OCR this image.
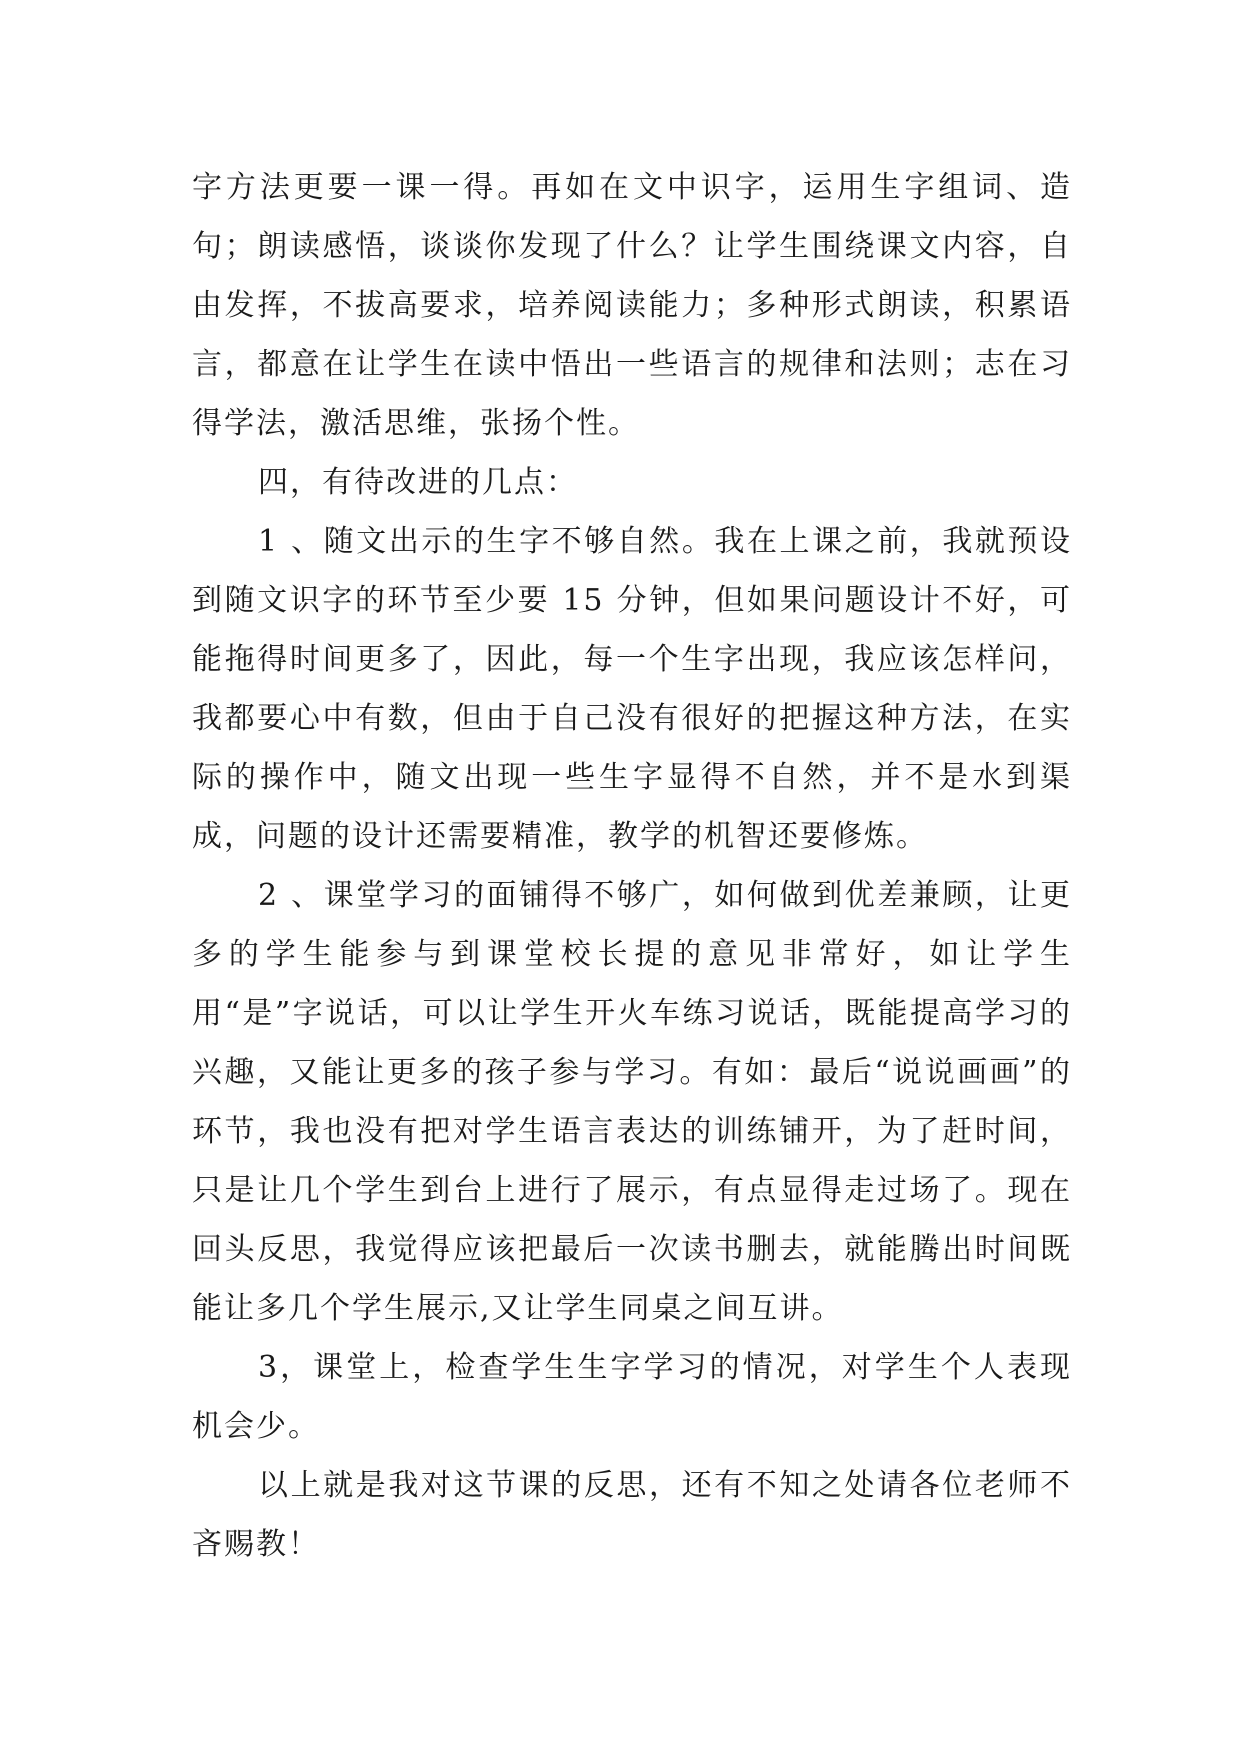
字方法更要一课一得。再如在文中识字，运用生字组词、造句；朗读感悟，谈谈你发现了什么？让学生围绕课文内容，自由发挥，不拔高要求，培养阅读能力；多种形式朗读，积累语言，都意在让学生在读中悟出一些语言的规律和法则；志在习得学法，激活思维，张扬个性。

四，有待改进的几点：

1 、随文出示的生字不够自然。我在上课之前，我就预设到随文识字的环节至少要 15 分钟，但如果问题设计不好，可能拖得时间更多了，因此，每一个生字出现，我应该怎样问，我都要心中有数，但由于自己没有很好的把握这种方法，在实际的操作中，随文出现一些生字显得不自然，并不是水到渠成，问题的设计还需要精准，教学的机智还要修炼。

2 、课堂学习的面铺得不够广，如何做到优差兼顾，让更多的学生能参与到课堂校长提的意见非常好，如让学生用“是”字说话，可以让学生开火车练习说话，既能提高学习的兴趣，又能让更多的孩子参与学习。有如：最后“说说画画”的环节，我也没有把对学生语言表达的训练铺开，为了赶时间，只是让几个学生到台上进行了展示，有点显得走过场了。现在回头反思，我觉得应该把最后一次读书删去，就能腾出时间既能让多几个学生展示,又让学生同桌之间互讲。

3，课堂上，检查学生生字学习的情况，对学生个人表现机会少。

以上就是我对这节课的反思，还有不知之处请各位老师不吝赐教！
